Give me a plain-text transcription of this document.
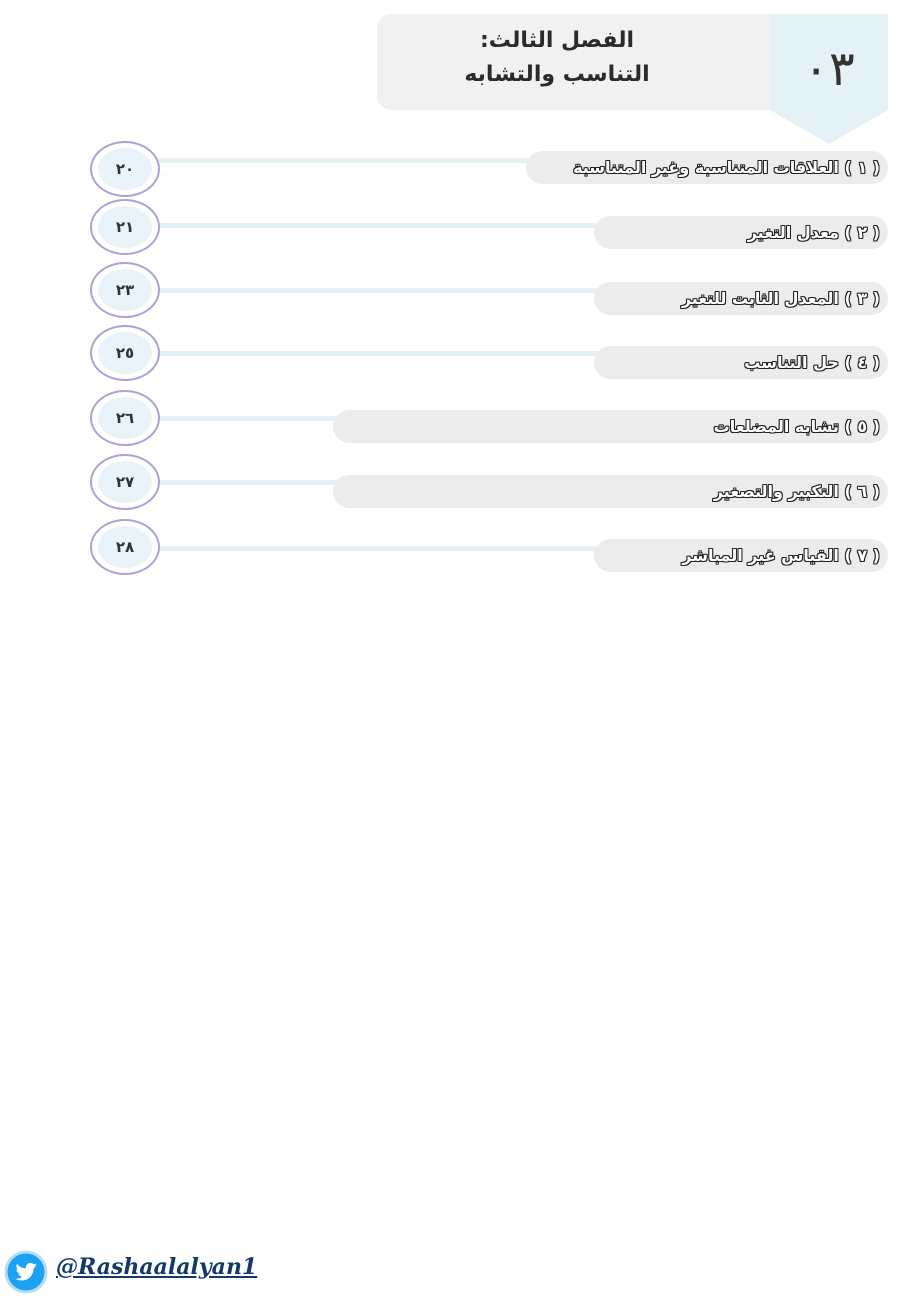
٠٣
الفصل الثالث:
التناسب والتشابه
( ١ ) العلاقات المتناسبة وغير المتناسبة
٢٠
( ٢ ) معدل التغير
٢١
( ٣ ) المعدل الثابت للتغير
٢٣
( ٤ ) حل التناسب
٢٥
( ٥ ) تشابه المضلعات
٢٦
( ٦ ) التكبير والتصغير
٢٧
( ٧ ) القياس غير المباشر
٢٨
@Rashaalalyan1
